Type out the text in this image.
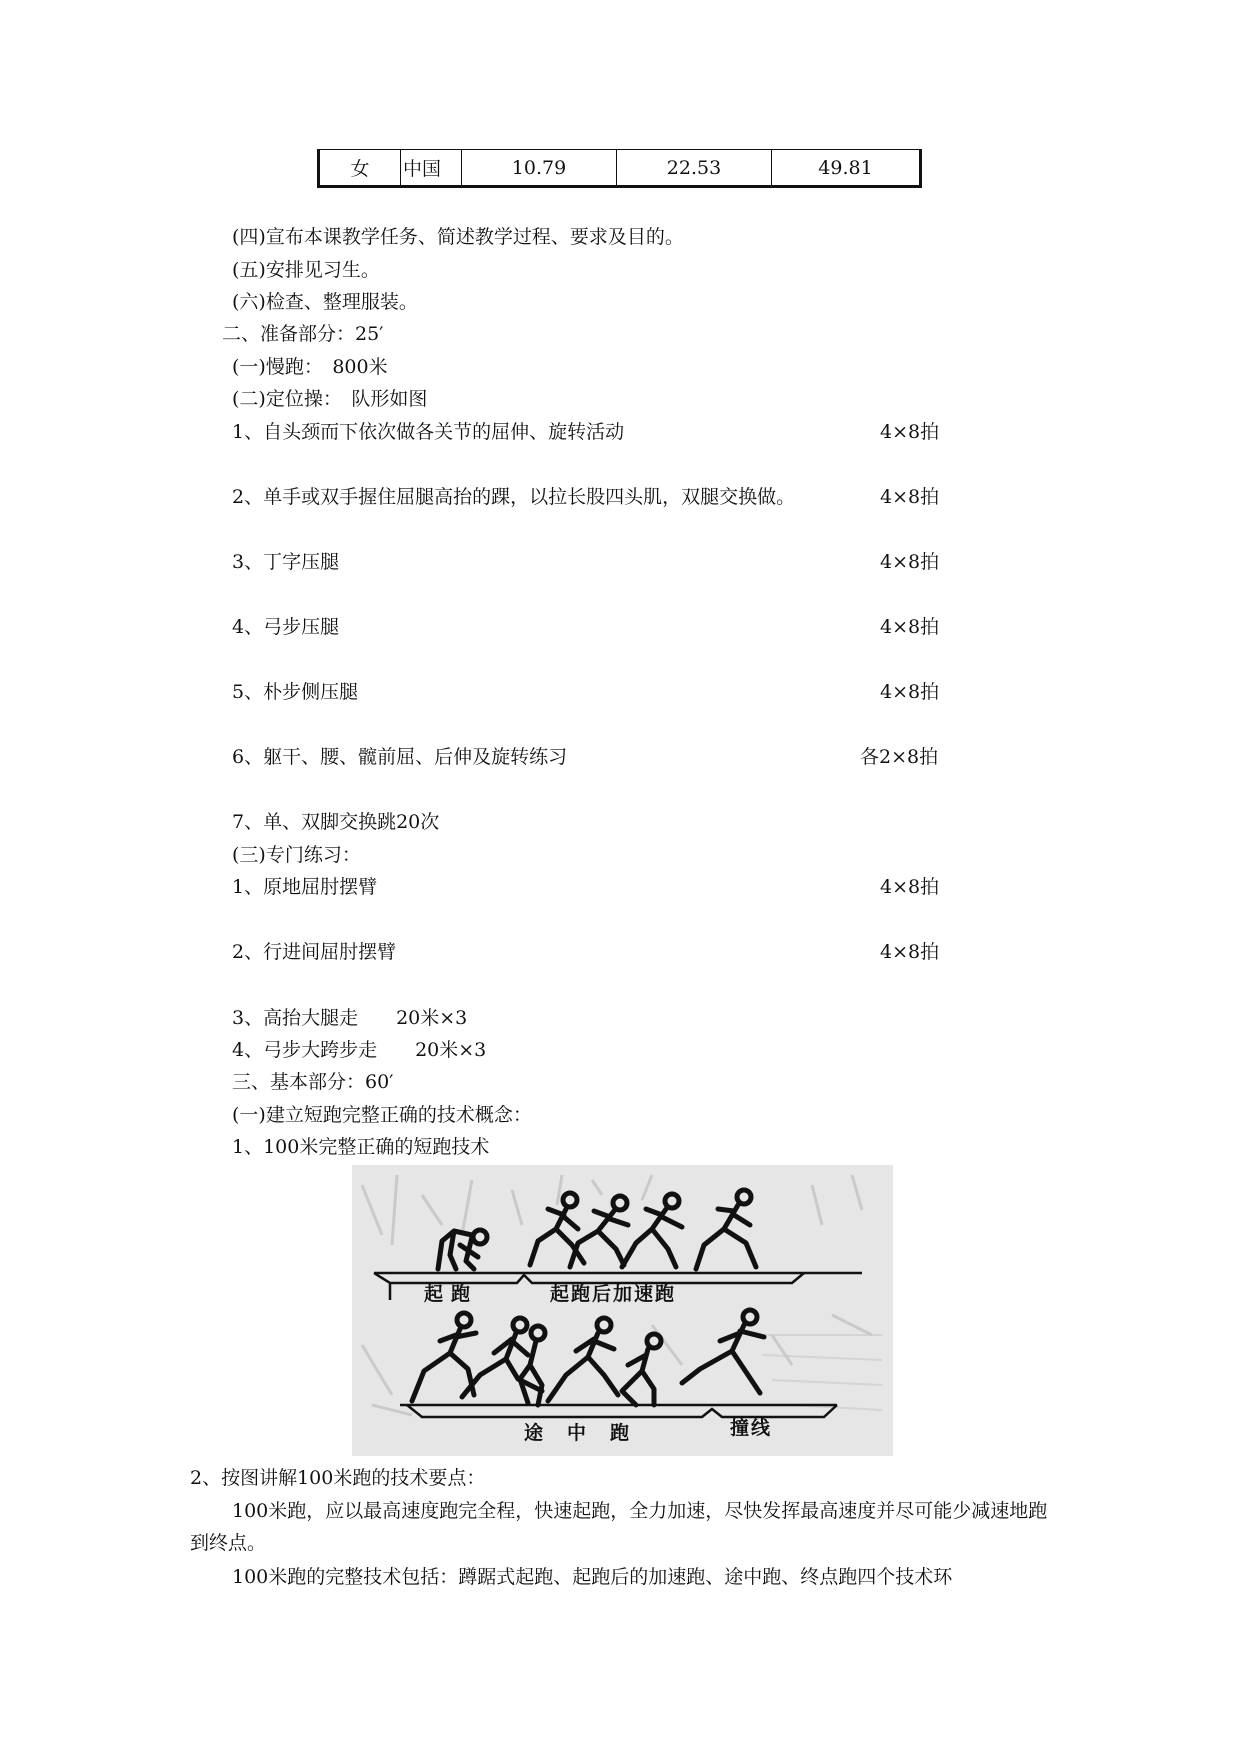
女	中国	10.79	22.53	49.81
(四)宣布本课教学任务、简述教学过程、要求及目的。
(五)安排见习生。
(六)检查、整理服装。
二、准备部分：25′
(一)慢跑：　800米
(二)定位操：　队形如图
1、自头颈而下依次做各关节的屈伸、旋转活动	4×8拍
2、单手或双手握住屈腿高抬的踝，以拉长股四头肌，双腿交换做。	4×8拍
3、丁字压腿	4×8拍
4、弓步压腿	4×8拍
5、朴步侧压腿	4×8拍
6、躯干、腰、髋前屈、后伸及旋转练习	各2×8拍
7、单、双脚交换跳20次
(三)专门练习：
1、原地屈肘摆臂	4×8拍
2、行进间屈肘摆臂	4×8拍
3、高抬大腿走　　20米×3
4、弓步大跨步走　　20米×3
三、基本部分：60′
(一)建立短跑完整正确的技术概念：
1、100米完整正确的短跑技术
起跑	起跑后加速跑
途中跑	撞线
2、按图讲解100米跑的技术要点：
100米跑，应以最高速度跑完全程，快速起跑，全力加速，尽快发挥最高速度并尽可能少减速地跑到终点。
100米跑的完整技术包括：蹲踞式起跑、起跑后的加速跑、途中跑、终点跑四个技术环
